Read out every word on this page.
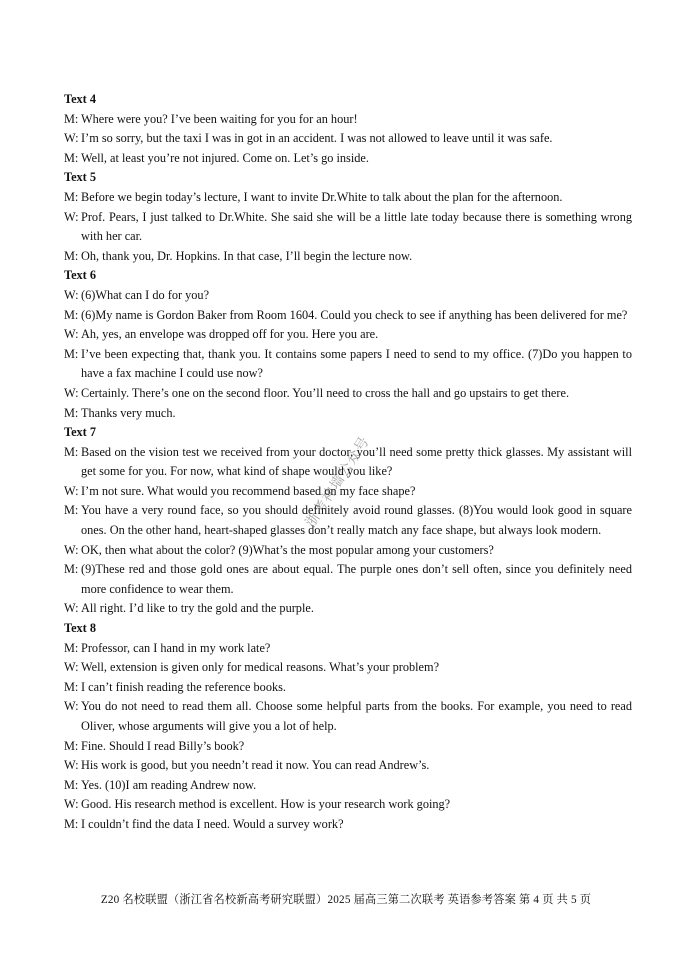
Text 4
M: Where were you? I’ve been waiting for you for an hour!
W: I’m so sorry, but the taxi I was in got in an accident. I was not allowed to leave until it was safe.
M: Well, at least you’re not injured. Come on. Let’s go inside.
Text 5
M: Before we begin today’s lecture, I want to invite Dr.White to talk about the plan for the afternoon.
W: Prof. Pears, I just talked to Dr.White. She said she will be a little late today because there is something wrong with her car.
M: Oh, thank you, Dr. Hopkins. In that case, I’ll begin the lecture now.
Text 6
W: (6)What can I do for you?
M: (6)My name is Gordon Baker from Room 1604. Could you check to see if anything has been delivered for me?
W: Ah, yes, an envelope was dropped off for you. Here you are.
M: I’ve been expecting that, thank you. It contains some papers I need to send to my office. (7)Do you happen to have a fax machine I could use now?
W: Certainly. There’s one on the second floor. You’ll need to cross the hall and go upstairs to get there.
M: Thanks very much.
Text 7
M: Based on the vision test we received from your doctor, you’ll need some pretty thick glasses. My assistant will get some for you. For now, what kind of shape would you like?
W: I’m not sure. What would you recommend based on my face shape?
M: You have a very round face, so you should definitely avoid round glasses. (8)You would look good in square ones. On the other hand, heart-shaped glasses don’t really match any face shape, but always look modern.
W: OK, then what about the color? (9)What’s the most popular among your customers?
M: (9)These red and those gold ones are about equal. The purple ones don’t sell often, since you definitely need more confidence to wear them.
W: All right. I’d like to try the gold and the purple.
Text 8
M: Professor, can I hand in my work late?
W: Well, extension is given only for medical reasons. What’s your problem?
M: I can’t finish reading the reference books.
W: You do not need to read them all. Choose some helpful parts from the books. For example, you need to read Oliver, whose arguments will give you a lot of help.
M: Fine. Should I read Billy’s book?
W: His work is good, but you needn’t read it now. You can read Andrew’s.
M: Yes. (10)I am reading Andrew now.
W: Good. His research method is excellent. How is your research work going?
M: I couldn’t find the data I need. Would a survey work?
浙考神墙公众号
Z20 名校联盟（浙江省名校新高考研究联盟）2025 届高三第二次联考 英语参考答案 第 4 页 共 5 页
